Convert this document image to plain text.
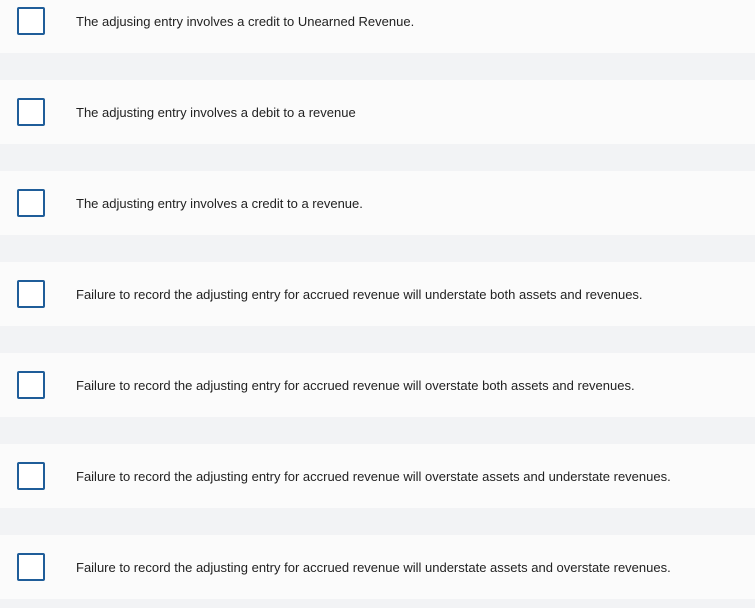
The adjusing entry involves a credit to Unearned Revenue.
The adjusting entry involves a debit to a revenue
The adjusting entry involves a credit to a revenue.
Failure to record the adjusting entry for accrued revenue will understate both assets and revenues.
Failure to record the adjusting entry for accrued revenue will overstate both assets and revenues.
Failure to record the adjusting entry for accrued revenue will overstate assets and understate revenues.
Failure to record the adjusting entry for accrued revenue will understate assets and overstate revenues.
